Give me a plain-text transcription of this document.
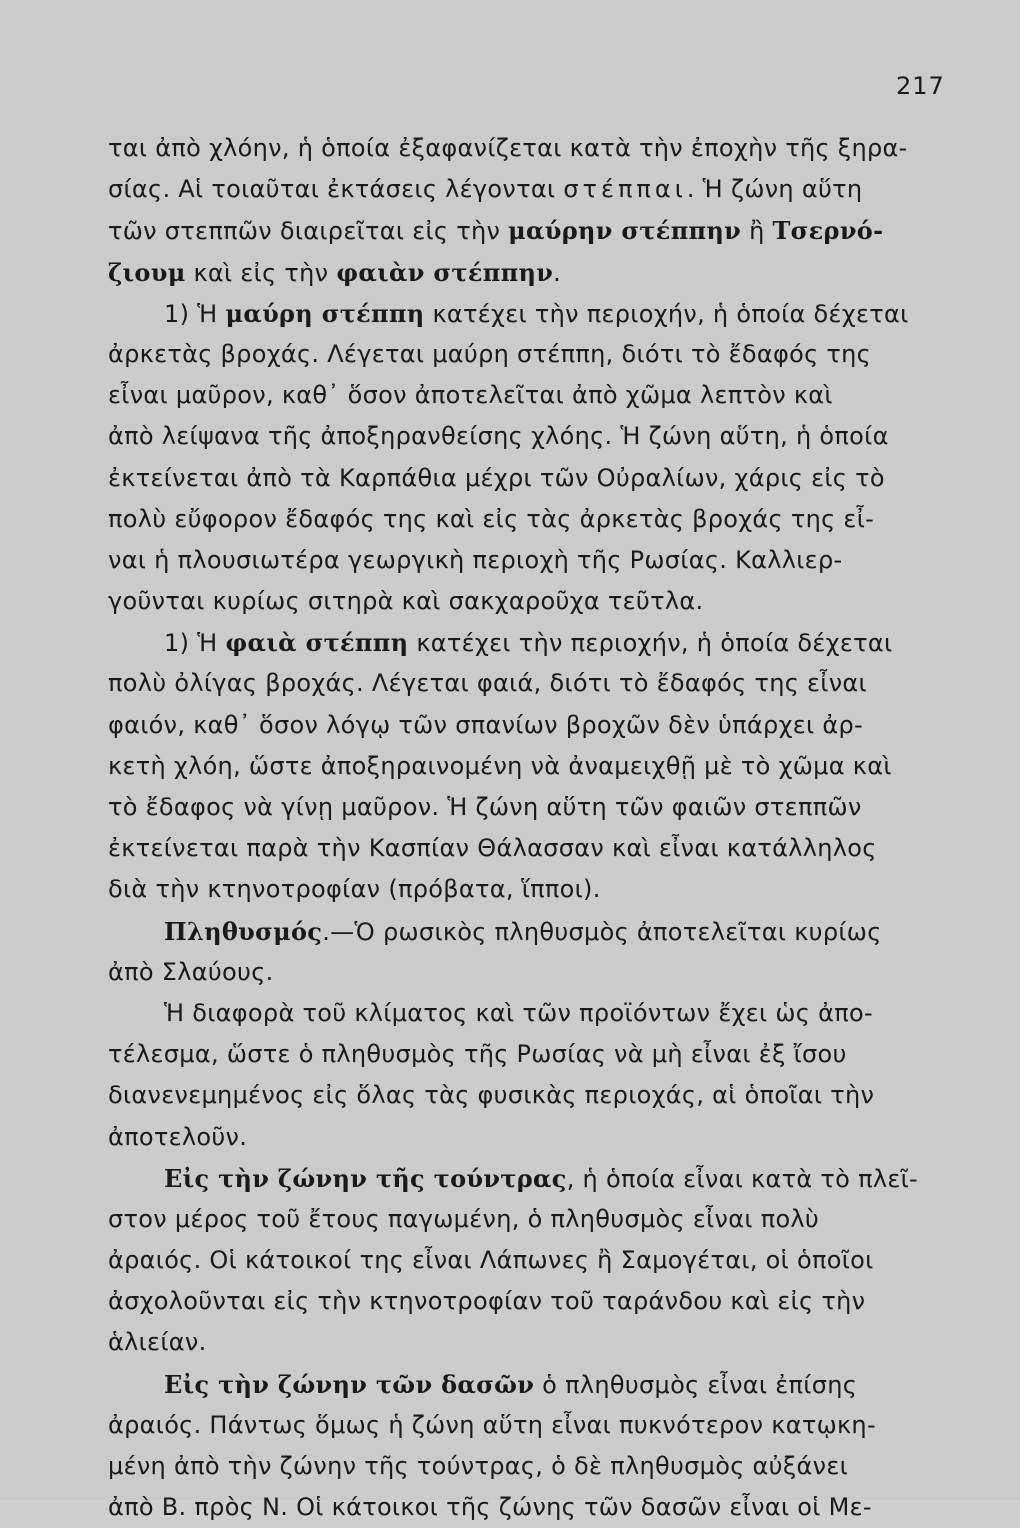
217
ται ἀπὸ χλόην, ἡ ὁποία ἐξαφανίζεται κατὰ τὴν ἐποχὴν τῆς ξηρα-
σίας. Αἱ τοιαῦται ἐκτάσεις λέγονται στέππαι. Ἡ ζώνη αὕτη
τῶν στεππῶν διαιρεῖται εἰς τὴν μαύρην στέππην ἢ Τσερνό-
ζιουμ καὶ εἰς τὴν φαιὰν στέππην.
1) Ἡ μαύρη στέππη κατέχει τὴν περιοχήν, ἡ ὁποία δέχεται
ἀρκετὰς βροχάς. Λέγεται μαύρη στέππη, διότι τὸ ἔδαφός της
εἶναι μαῦρον, καθ᾿ ὅσον ἀποτελεῖται ἀπὸ χῶμα λεπτὸν καὶ
ἀπὸ λείψανα τῆς ἀποξηρανθείσης χλόης. Ἡ ζώνη αὕτη, ἡ ὁποία
ἐκτείνεται ἀπὸ τὰ Καρπάθια μέχρι τῶν Οὐραλίων, χάρις εἰς τὸ
πολὺ εὔφορον ἔδαφός της καὶ εἰς τὰς ἀρκετὰς βροχάς της εἶ-
ναι ἡ πλουσιωτέρα γεωργικὴ περιοχὴ τῆς Ρωσίας. Καλλιερ-
γοῦνται κυρίως σιτηρὰ καὶ σακχαροῦχα τεῦτλα.
1) Ἡ φαιὰ στέππη κατέχει τὴν περιοχήν, ἡ ὁποία δέχεται
πολὺ ὀλίγας βροχάς. Λέγεται φαιά, διότι τὸ ἔδαφός της εἶναι
φαιόν, καθ᾿ ὅσον λόγῳ τῶν σπανίων βροχῶν δὲν ὑπάρχει ἀρ-
κετὴ χλόη, ὥστε ἀποξηραινομένη νὰ ἀναμειχθῇ μὲ τὸ χῶμα καὶ
τὸ ἔδαφος νὰ γίνῃ μαῦρον. Ἡ ζώνη αὕτη τῶν φαιῶν στεππῶν
ἐκτείνεται παρὰ τὴν Κασπίαν Θάλασσαν καὶ εἶναι κατάλληλος
διὰ τὴν κτηνοτροφίαν (πρόβατα, ἵπποι).
Πληθυσμός.—Ὁ ρωσικὸς πληθυσμὸς ἀποτελεῖται κυρίως
ἀπὸ Σλαύους.
Ἡ διαφορὰ τοῦ κλίματος καὶ τῶν προϊόντων ἔχει ὡς ἀπο-
τέλεσμα, ὥστε ὁ πληθυσμὸς τῆς Ρωσίας νὰ μὴ εἶναι ἐξ ἴσου
διανενεμημένος εἰς ὅλας τὰς φυσικὰς περιοχάς, αἱ ὁποῖαι τὴν
ἀποτελοῦν.
Εἰς τὴν ζώνην τῆς τούντρας, ἡ ὁποία εἶναι κατὰ τὸ πλεῖ-
στον μέρος τοῦ ἔτους παγωμένη, ὁ πληθυσμὸς εἶναι πολὺ
ἀραιός. Οἱ κάτοικοί της εἶναι Λάπωνες ἢ Σαμογέται, οἱ ὁποῖοι
ἀσχολοῦνται εἰς τὴν κτηνοτροφίαν τοῦ ταράνδου καὶ εἰς τὴν
ἁλιείαν.
Εἰς τὴν ζώνην τῶν δασῶν ὁ πληθυσμὸς εἶναι ἐπίσης
ἀραιός. Πάντως ὅμως ἡ ζώνη αὕτη εἶναι πυκνότερον κατῳκη-
μένη ἀπὸ τὴν ζώνην τῆς τούντρας, ὁ δὲ πληθυσμὸς αὐξάνει
ἀπὸ Β. πρὸς Ν. Οἱ κάτοικοι τῆς ζώνης τῶν δασῶν εἶναι οἱ Με-
